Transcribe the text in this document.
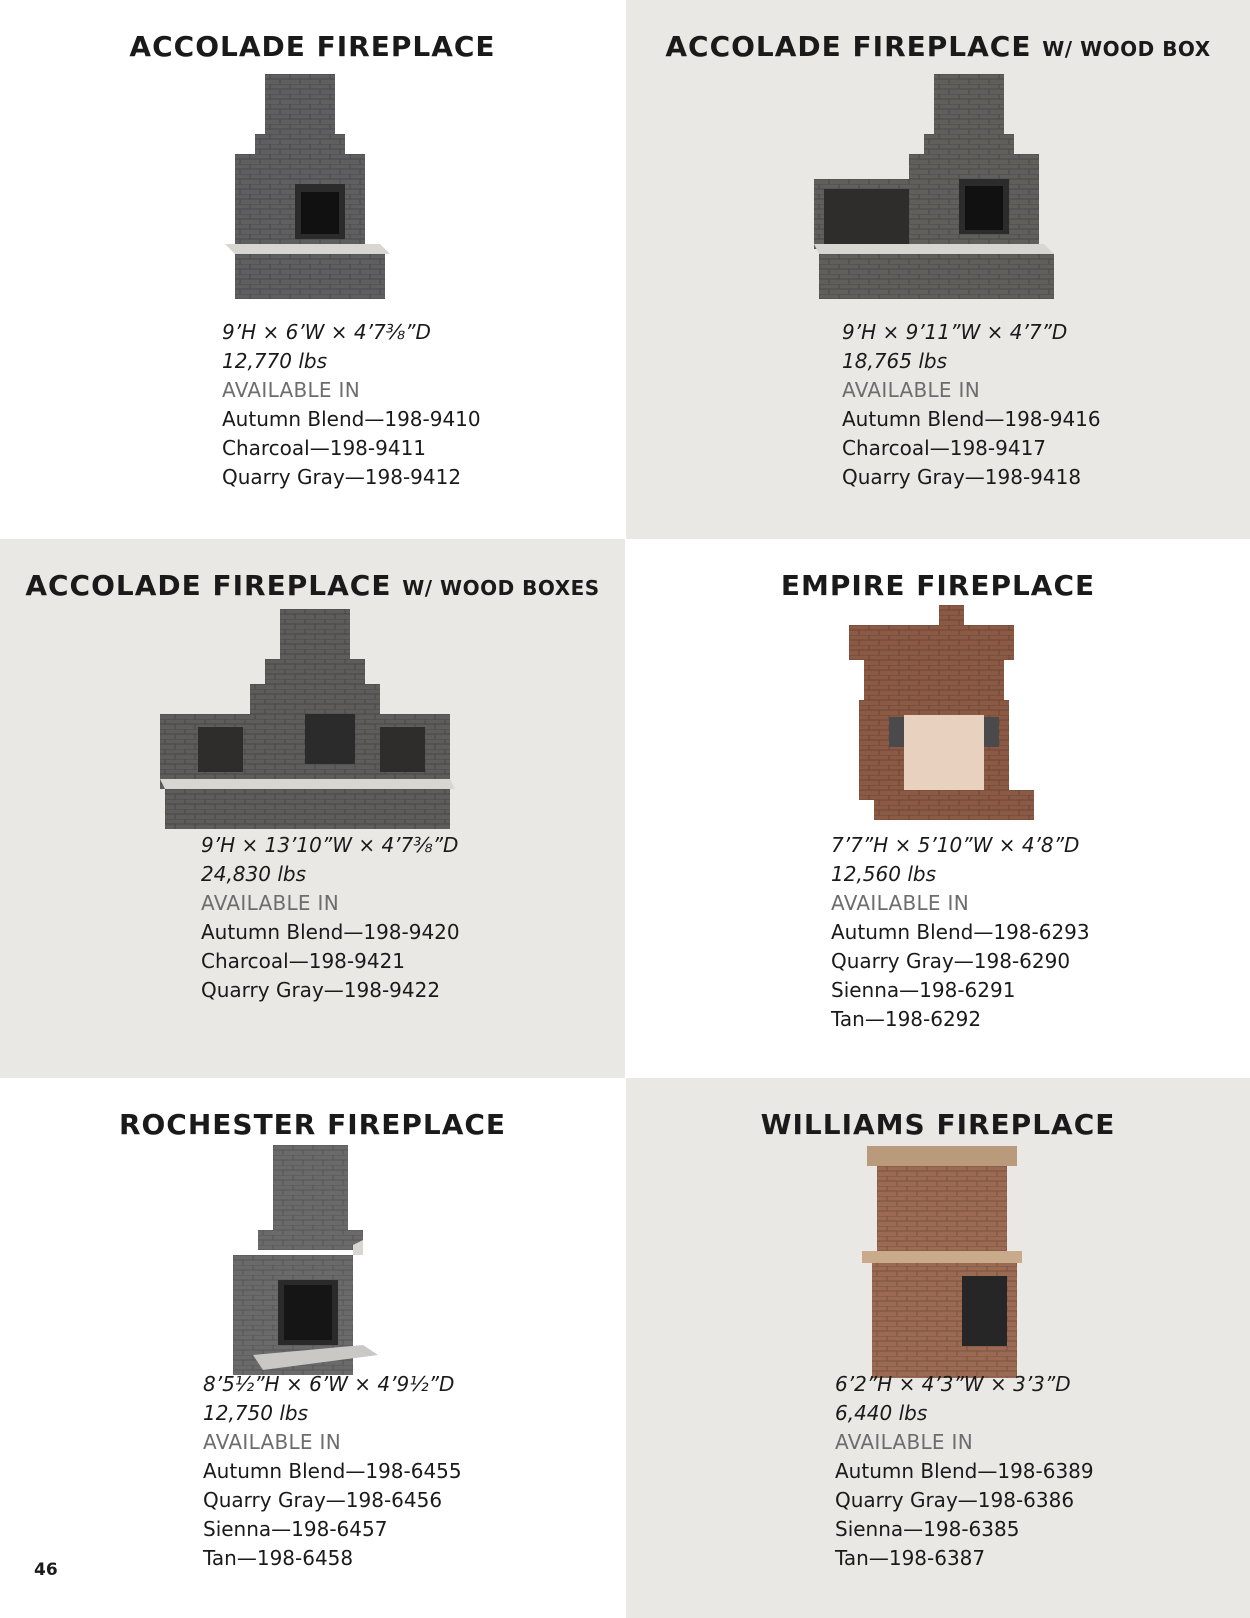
ACCOLADE FIREPLACE
9’H × 6’W × 4’7⅜”D
12,770 lbs
AVAILABLE IN
Autumn Blend—198-9410
Charcoal—198-9411
Quarry Gray—198-9412
ACCOLADE FIREPLACE W/ WOOD BOX
9’H × 9’11”W × 4’7”D
18,765 lbs
AVAILABLE IN
Autumn Blend—198-9416
Charcoal—198-9417
Quarry Gray—198-9418
ACCOLADE FIREPLACE W/ WOOD BOXES
9’H × 13’10”W × 4’7⅜”D
24,830 lbs
AVAILABLE IN
Autumn Blend—198-9420
Charcoal—198-9421
Quarry Gray—198-9422
EMPIRE FIREPLACE
7’7”H × 5’10”W × 4’8”D
12,560 lbs
AVAILABLE IN
Autumn Blend—198-6293
Quarry Gray—198-6290
Sienna—198-6291
Tan—198-6292
ROCHESTER FIREPLACE
8’5½”H × 6’W × 4’9½”D
12,750 lbs
AVAILABLE IN
Autumn Blend—198-6455
Quarry Gray—198-6456
Sienna—198-6457
Tan—198-6458
WILLIAMS FIREPLACE
6’2”H × 4’3”W × 3’3”D
6,440 lbs
AVAILABLE IN
Autumn Blend—198-6389
Quarry Gray—198-6386
Sienna—198-6385
Tan—198-6387
46
